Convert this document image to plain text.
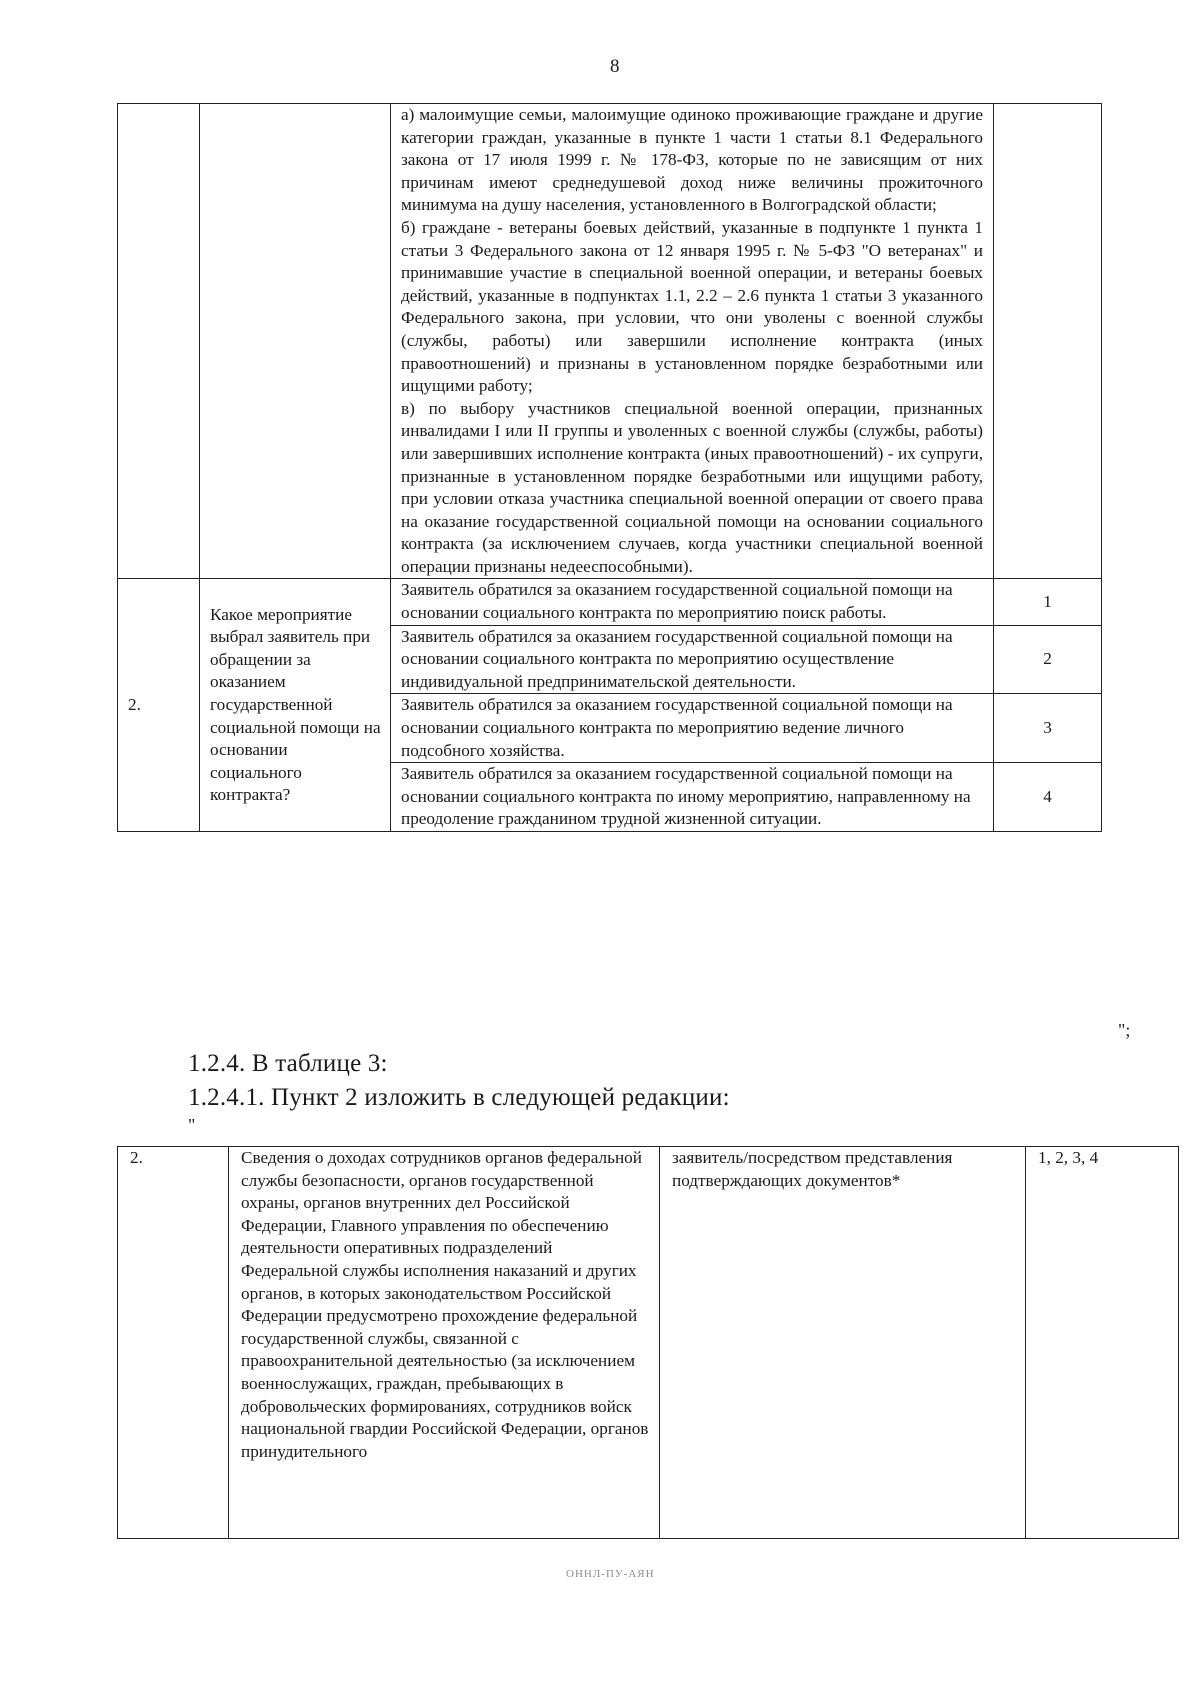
8

		а) малоимущие семьи, малоимущие одиноко проживающие граждане и другие категории граждан, указанные в пункте 1 части 1 статьи 8.1 Федерального закона от 17 июля 1999 г. № 178-ФЗ, которые по не зависящим от них причинам имеют среднедушевой доход ниже величины прожиточного минимума на душу населения, установленного в Волгоградской области;
б) граждане - ветераны боевых действий, указанные в подпункте 1 пункта 1 статьи 3 Федерального закона от 12 января 1995 г. № 5-ФЗ "О ветеранах" и принимавшие участие в специальной военной операции, и ветераны боевых действий, указанные в подпунктах 1.1, 2.2 – 2.6 пункта 1 статьи 3 указанного Федерального закона, при условии, что они уволены с военной службы (службы, работы) или завершили исполнение контракта (иных правоотношений) и признаны в установленном порядке безработными или ищущими работу;
в) по выбору участников специальной военной операции, признанных инвалидами I или II группы и уволенных с военной службы (службы, работы) или завершивших исполнение контракта (иных правоотношений) - их супруги, признанные в установленном порядке безработными или ищущими работу, при условии отказа участника специальной военной операции от своего права на оказание государственной социальной помощи на основании социального контракта (за исключением случаев, когда участники специальной военной операции признаны недееспособными).	

2.	Какое мероприятие выбрал заявитель при обращении за оказанием государственной социальной помощи на основании социального контракта?	Заявитель обратился за оказанием государственной социальной помощи на основании социального контракта по мероприятию поиск работы.	1
		Заявитель обратился за оказанием государственной социальной помощи на основании социального контракта по мероприятию осуществление индивидуальной предпринимательской деятельности.	2
		Заявитель обратился за оказанием государственной социальной помощи на основании социального контракта по мероприятию ведение личного подсобного хозяйства.	3
		Заявитель обратился за оказанием государственной социальной помощи на основании социального контракта по иному мероприятию, направленному на преодоление гражданином трудной жизненной ситуации.	4
";
1.2.4. В таблице 3:
1.2.4.1. Пункт 2 изложить в следующей редакции:
"
2.	Сведения о доходах сотрудников органов федеральной службы безопасности, органов государственной охраны, органов внутренних дел Российской Федерации, Главного управления по обеспечению деятельности оперативных подразделений Федеральной службы исполнения наказаний и других органов, в которых законодательством Российской Федерации предусмотрено прохождение федеральной государственной службы, связанной с правоохранительной деятельностью (за исключением военнослужащих, граждан, пребывающих в добровольческих формированиях, сотрудников войск национальной гвардии Российской Федерации, органов принудительного	заявитель/посредством представления подтверждающих документов*	1, 2, 3, 4
ОННЛ-ПУ-АЯН
